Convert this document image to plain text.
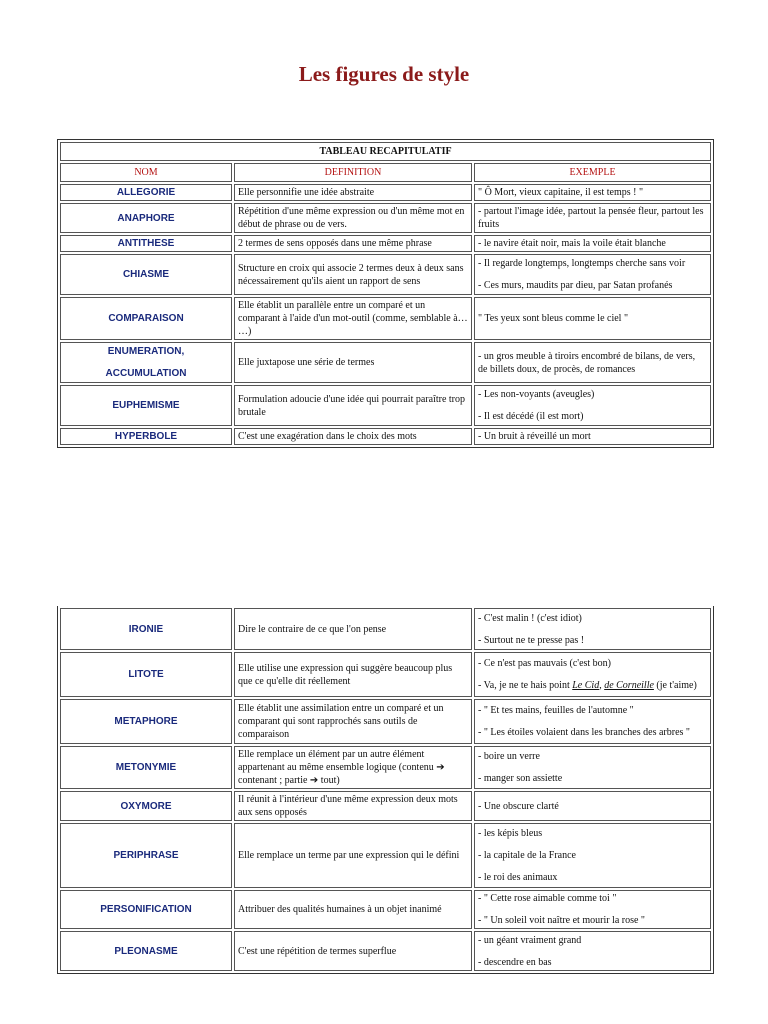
Les figures de style
TABLEAU RECAPITULATIF		
NOM	DEFINITION	EXEMPLE

ALLEGORIE	Elle personnifie une idée abstraite	" Ô Mort, vieux capitaine, il est temps ! "

ANAPHORE	Répétition d'une même expression ou d'un même mot en début de phrase ou de vers.	- partout l'image idée, partout la pensée fleur, partout les fruits

ANTITHESE	2 termes de sens opposés dans une même phrase	- le navire était noir, mais la voile était blanche

CHIASME	Structure en croix qui associe 2 termes deux à deux sans nécessairement qu'ils aient un rapport de sens	- Il regarde longtemps, longtemps cherche sans voir

- Ces murs, maudits par dieu, par Satan profanés

COMPARAISON	Elle établit un parallèle entre un comparé et un comparant à l'aide d'un mot-outil (comme, semblable à… …)	" Tes yeux sont bleus comme le ciel "

ENUMERATION,

ACCUMULATION	Elle juxtapose une série de termes	- un gros meuble à tiroirs encombré de bilans, de vers, de billets doux, de procès, de romances

EUPHEMISME	Formulation adoucie d'une idée qui pourrait paraître trop brutale	- Les non-voyants (aveugles)

- Il est décédé (il est mort)

HYPERBOLE	C'est une exagération dans le choix des mots	- Un bruit à réveillé un mort

IRONIE	Dire le contraire de ce que l'on pense	- C'est malin ! (c'est idiot)

- Surtout ne te presse pas !

LITOTE	Elle utilise une expression qui suggère beaucoup plus que ce qu'elle dit réellement	- Ce n'est pas mauvais (c'est bon)

- Va, je ne te hais point Le Cid, de Corneille (je t'aime)

METAPHORE	Elle établit une assimilation entre un comparé et un comparant qui sont rapprochés sans outils de comparaison	- " Et tes mains, feuilles de l'automne "

- " Les étoiles volaient dans les branches des arbres "

METONYMIE	Elle remplace un élément par un autre élément appartenant au même ensemble logique (contenu ➔ contenant ; partie ➔ tout)	- boire un verre

- manger son assiette

OXYMORE	Il réunit à l'intérieur d'une même expression deux mots aux sens opposés	- Une obscure clarté

PERIPHRASE	Elle remplace un terme par une expression qui le défini	- les képis bleus

- la capitale de la France

- le roi des animaux

PERSONIFICATION	Attribuer des qualités humaines à un objet inanimé	- " Cette rose aimable comme toi "

- " Un soleil voit naître et mourir la rose "

PLEONASME	C'est une répétition de termes superflue	- un géant vraiment grand

- descendre en bas
